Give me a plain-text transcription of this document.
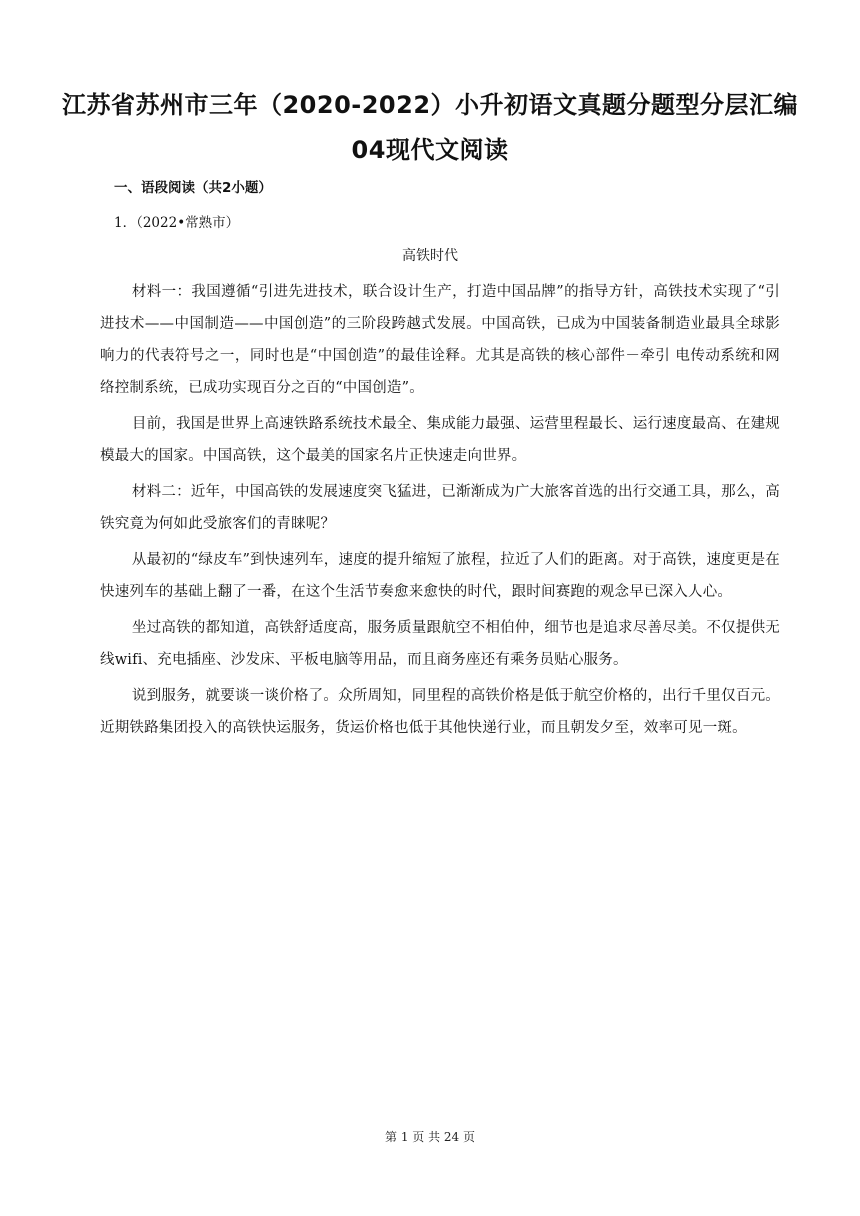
江苏省苏州市三年（2020-2022）小升初语文真题分题型分层汇编
04现代文阅读
一、语段阅读（共2小题）
1．（2022•常熟市）
高铁时代

材料一：我国遵循“引进先进技术，联合设计生产，打造中国品牌”的指导方针，高铁技术实现了“引进技术——中国制造——中国创造”的三阶段跨越式发展。中国高铁，已成为中国装备制造业最具全球影响力的代表符号之一，同时也是“中国创造”的最佳诠释。尤其是高铁的核心部件－牵引 电传动系统和网络控制系统，已成功实现百分之百的“中国创造”。

目前，我国是世界上高速铁路系统技术最全、集成能力最强、运营里程最长、运行速度最高、在建规模最大的国家。中国高铁，这个最美的国家名片正快速走向世界。

材料二：近年，中国高铁的发展速度突飞猛进，已渐渐成为广大旅客首选的出行交通工具，那么，高铁究竟为何如此受旅客们的青睐呢？

从最初的“绿皮车”到快速列车，速度的提升缩短了旅程，拉近了人们的距离。对于高铁，速度更是在快速列车的基础上翻了一番，在这个生活节奏愈来愈快的时代，跟时间赛跑的观念早已深入人心。

坐过高铁的都知道，高铁舒适度高，服务质量跟航空不相伯仲，细节也是追求尽善尽美。不仅提供无线wifi、充电插座、沙发床、平板电脑等用品，而且商务座还有乘务员贴心服务。

说到服务，就要谈一谈价格了。众所周知，同里程的高铁价格是低于航空价格的，出行千里仅百元。近期铁路集团投入的高铁快运服务，货运价格也低于其他快递行业，而且朝发夕至，效率可见一斑。

第 1 页 共 24 页
